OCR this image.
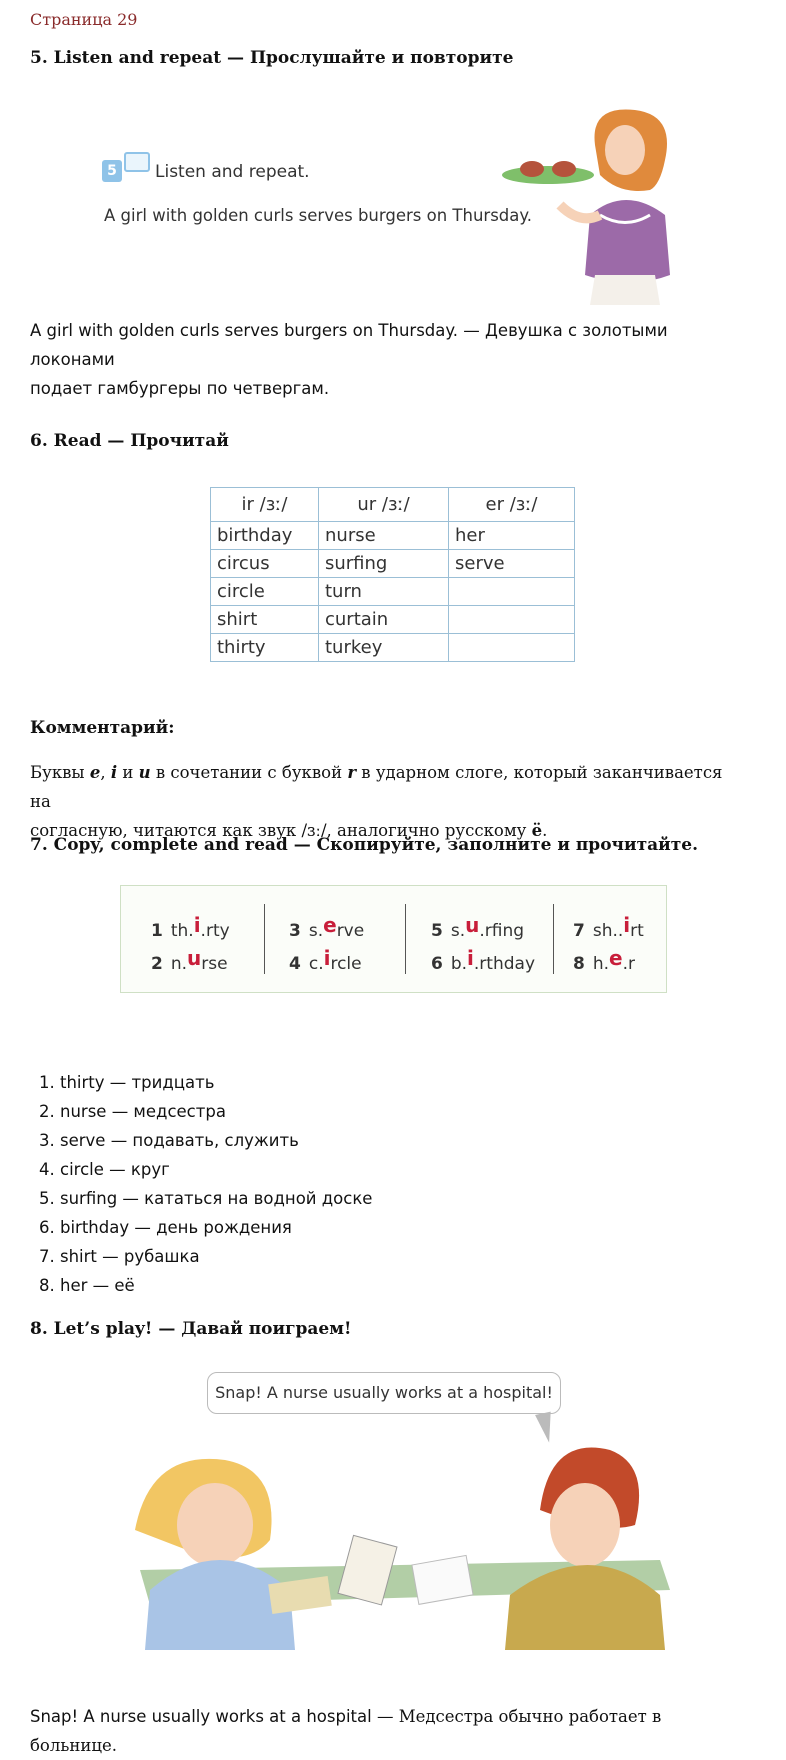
Страница 29
5. Listen and repeat — Прослушайте и повторите
5	Listen and repeat.
A girl with golden curls serves burgers on Thursday.

A girl with golden curls serves burgers on Thursday. — Девушка с золотыми локонами
подает гамбургеры по четвергам.

6. Read — Прочитай
ir /ɜː/	ur /ɜː/	er /ɜː/
birthday	nurse	her
circus	surfing	serve
circle	turn	
shirt	curtain	
thirty	turkey	
Комментарий:

Буквы e, i и u в сочетании с буквой r в ударном слоге, который заканчивается на
согласную, читаются как звук /ɜː/, аналогично русскому ё.

7. Copy, complete and read — Скопируйте, заполните и прочитайте.
1 th.i.rty
2 n.urse
3 s.erve
4 c.ircle
5 s.u.rfing
6 b.i.rthday
7 sh..irt
8 h.e.r
1. thirty — тридцать
2. nurse — медсестра
3. serve — подавать, служить
4. circle — круг
5. surfing — кататься на водной доске
6. birthday — день рождения
7. shirt — рубашка
8. her — её
8. Let’s play! — Давай поиграем!
Snap! A nurse usually works at a hospital!

Snap! A nurse usually works at a hospital — Медсестра обычно работает в больнице.
